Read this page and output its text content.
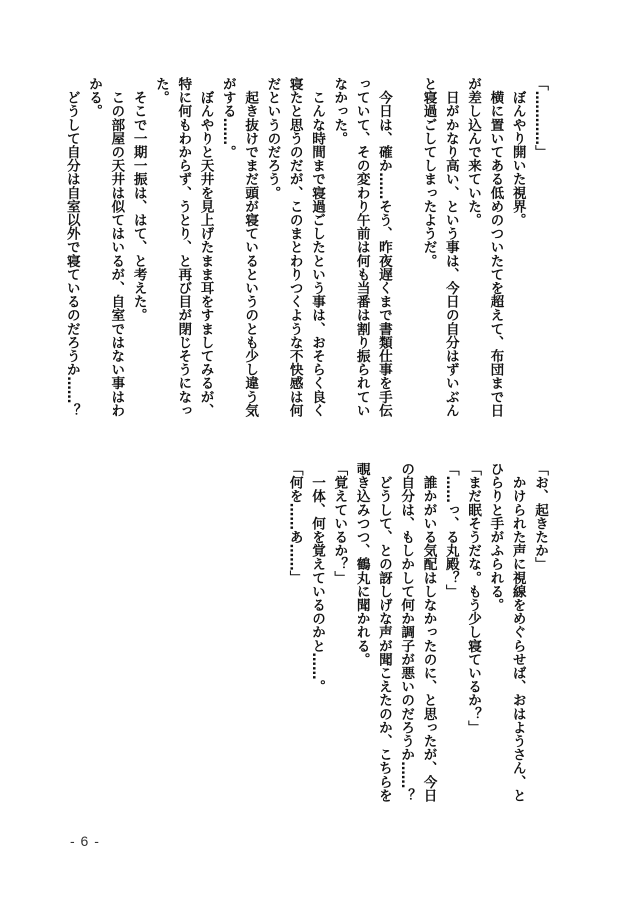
「…………」
　ぼんやり開いた視界。
　横に置いてある低めのついたてを超えて、布団まで日
が差し込んで来ていた。
　日がかなり高い、という事は、今日の自分はずいぶん
と寝過ごしてしまったようだ。

　今日は、確か……そう、昨夜遅くまで書類仕事を手伝
っていて、その変わり午前は何も当番は割り振られてい
なかった。
　こんな時間まで寝過ごしたという事は、おそらく良く
寝たと思うのだが、このまとわりつくような不快感は何
だというのだろう。
　起き抜けでまだ頭が寝ているというのとも少し違う気
がする……。
　ぼんやりと天井を見上げたまま耳をすましてみるが、
特に何もわからず、うとり、と再び目が閉じそうになっ
た。
　そこで一期一振は、はて、と考えた。
　この部屋の天井は似てはいるが、自室ではない事はわ
かる。
　どうして自分は自室以外で寝ているのだろうか……？
「お、起きたか」
　かけられた声に視線をめぐらせば、おはようさん、と
ひらりと手がふられる。
「まだ眠そうだな。もう少し寝ているか？」
「……っ、る丸殿？」
　誰かがいる気配はしなかったのに、と思ったが、今日
の自分は、もしかして何か調子が悪いのだろうか……？
　どうして、との訝しげな声が聞こえたのか、こちらを
覗き込みつつ、鶴丸に聞かれる。
「覚えているか？」
　一体、何を覚えているのかと……。
「何を……あ……」
- 6 -
